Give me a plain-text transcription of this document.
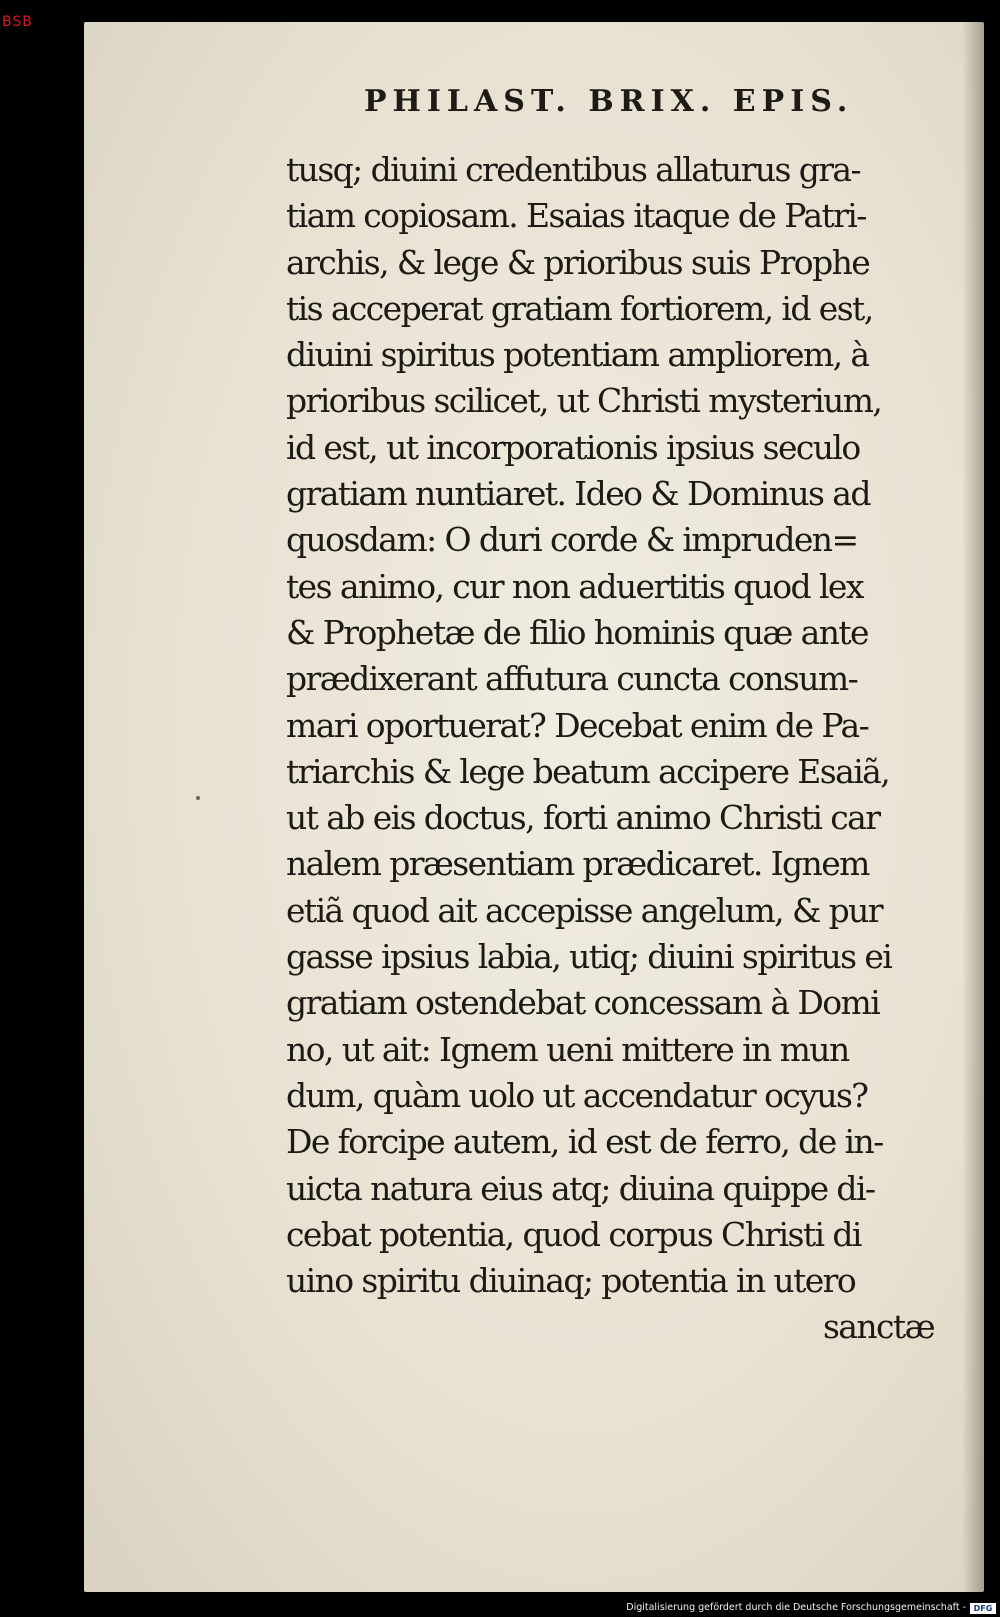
BSB
PHILAST. BRIX. EPIS.
tusq; diuini credentibus allaturus gra-
tiam copiosam. Esaias itaque de Patri-
archis, & lege & prioribus suis Prophe
tis acceperat gratiam fortiorem, id est,
diuini spiritus potentiam ampliorem, à
prioribus scilicet, ut Christi mysterium,
id est, ut incorporationis ipsius seculo
gratiam nuntiaret. Ideo & Dominus ad
quosdam: O duri corde & impruden=
tes animo, cur non aduertitis quod lex
& Prophetæ de filio hominis quæ ante
prædixerant affutura cuncta consum-
mari oportuerat? Decebat enim de Pa-
triarchis & lege beatum accipere Esaiã,
ut ab eis doctus, forti animo Christi car
nalem præsentiam prædicaret. Ignem
etiã quod ait accepisse angelum, & pur
gasse ipsius labia, utiq; diuini spiritus ei
gratiam ostendebat concessam à Domi
no, ut ait: Ignem ueni mittere in mun
dum, quàm uolo ut accendatur ocyus?
De forcipe autem, id est de ferro, de in-
uicta natura eius atq; diuina quippe di-
cebat potentia, quod corpus Christi di
uino spiritu diuinaq; potentia in utero
sanctæ
Digitalisierung gefördert durch die Deutsche Forschungsgemeinschaft - DFG
